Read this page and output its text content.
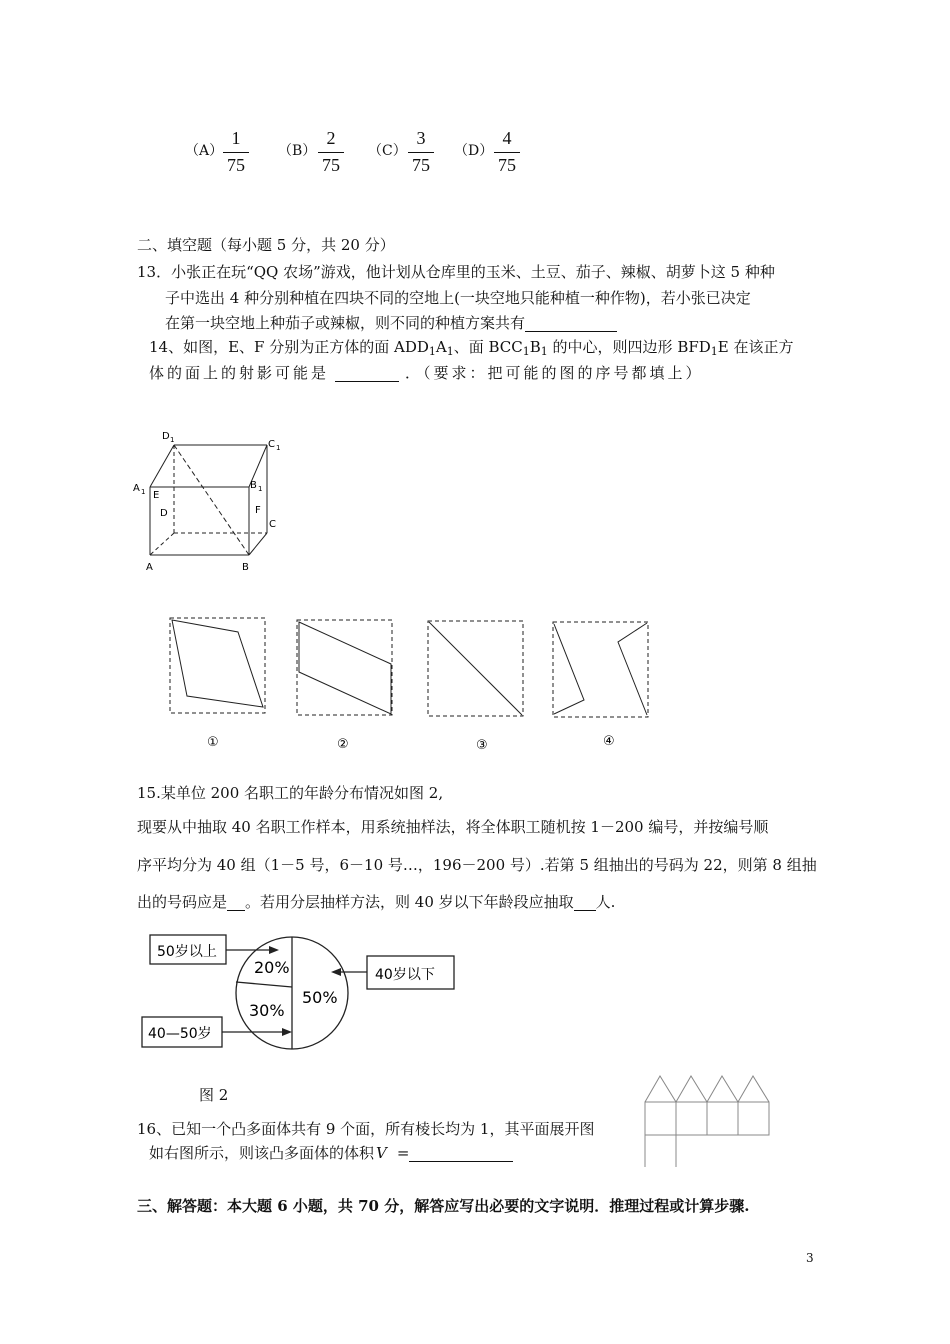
（A）
1
75
（B）
2
75
（C）
3
75
（D）
4
75
二、填空题（每小题 5 分，共 20 分）
13．小张正在玩“QQ 农场”游戏，他计划从仓库里的玉米、土豆、茄子、辣椒、胡萝卜这 5 种种
子中选出 4 种分别种植在四块不同的空地上(一块空地只能种植一种作物)，若小张已决定
在第一块空地上种茄子或辣椒，则不同的种植方案共有
14、如图，E、F 分别为正方体的面 $ADD_1A_1$、面 $BCC_1B_1$ 的中心，则四边形 $BFD_1E$ 在该正方
体的面上的射影可能是	．（要求：把可能的图的序号都填上）
D 1	C 1
A 1
B 1
E
F
D
C
A	B
①	②	③	④
15.某单位 200 名职工的年龄分布情况如图 2,
现要从中抽取 40 名职工作样本，用系统抽样法，将全体职工随机按 1－200 编号，并按编号顺
序平均分为 40 组（1－5 号，6－10 号…，196－200 号）.若第 5 组抽出的号码为 22，则第 8 组抽
出的号码应是 。若用分层抽样方法，则 40 岁以下年龄段应抽取 人.
50岁以上
40岁以下
40—50岁
20%
30%
50%
图 2
16、已知一个凸多面体共有 9 个面，所有棱长均为 1，其平面展开图
如右图所示，则该凸多面体的体积 V =
三、解答题：本大题 6 小题，共 70 分，解答应写出必要的文字说明．推理过程或计算步骤.
3
